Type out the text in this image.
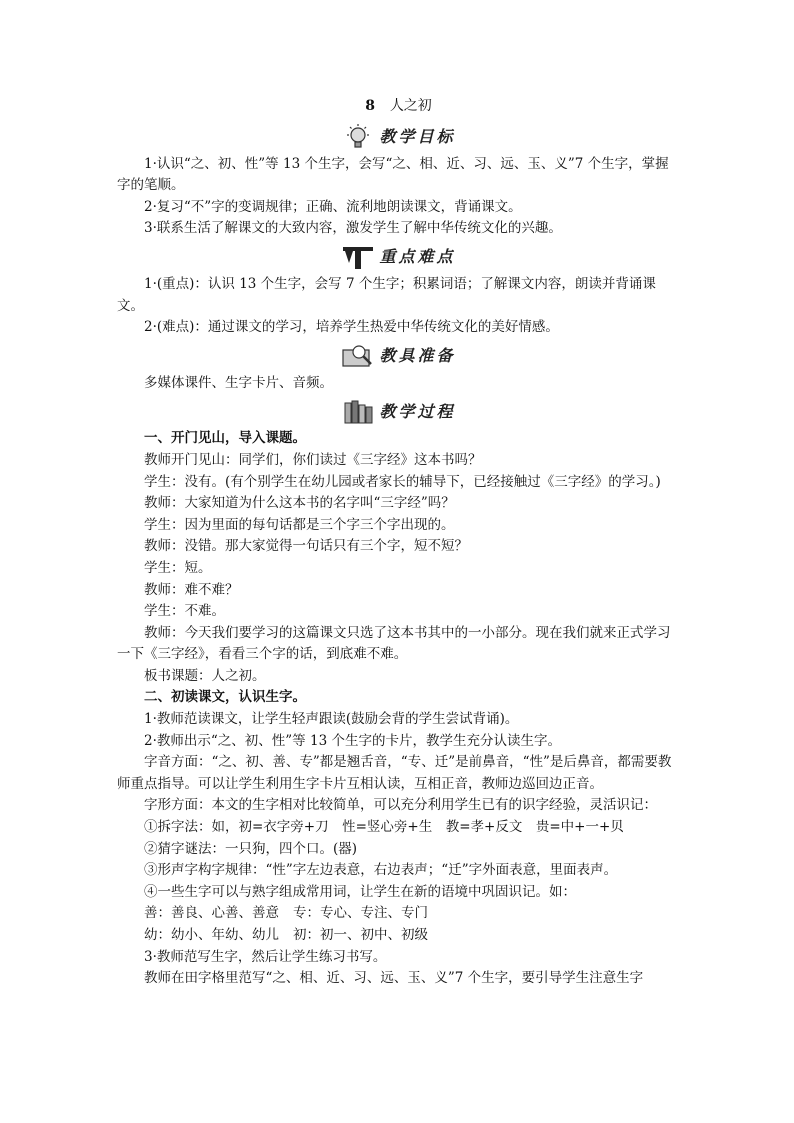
8 人之初
教学目标

1·认识“之、初、性”等 13 个生字，会写“之、相、近、习、远、玉、义”7 个生字，掌握字的笔顺。

2·复习“不”字的变调规律；正确、流利地朗读课文，背诵课文。

3·联系生活了解课文的大致内容，激发学生了解中华传统文化的兴趣。

重点难点

1·(重点)：认识 13 个生字，会写 7 个生字；积累词语；了解课文内容，朗读并背诵课文。

2·(难点)：通过课文的学习，培养学生热爱中华传统文化的美好情感。

教具准备

多媒体课件、生字卡片、音频。

教学过程

一、开门见山，导入课题。

教师开门见山：同学们，你们读过《三字经》这本书吗？

学生：没有。(有个别学生在幼儿园或者家长的辅导下，已经接触过《三字经》的学习。)

教师：大家知道为什么这本书的名字叫“三字经”吗？

学生：因为里面的每句话都是三个字三个字出现的。

教师：没错。那大家觉得一句话只有三个字，短不短？

学生：短。

教师：难不难？

学生：不难。

教师：今天我们要学习的这篇课文只选了这本书其中的一小部分。现在我们就来正式学习一下《三字经》，看看三个字的话，到底难不难。

板书课题：人之初。

二、初读课文，认识生字。

1·教师范读课文，让学生轻声跟读(鼓励会背的学生尝试背诵)。

2·教师出示“之、初、性”等 13 个生字的卡片，教学生充分认读生字。

字音方面：“之、初、善、专”都是翘舌音，“专、迁”是前鼻音，“性”是后鼻音，都需要教师重点指导。可以让学生利用生字卡片互相认读，互相正音，教师边巡回边正音。

字形方面：本文的生字相对比较简单，可以充分利用学生已有的识字经验，灵活识记：

①拆字法：如，初=衣字旁+刀　性=竖心旁+生　教=孝+反文　贵=中+一+贝

②猜字谜法：一只狗，四个口。(器)

③形声字构字规律：“性”字左边表意，右边表声；“迁”字外面表意，里面表声。

④一些生字可以与熟字组成常用词，让学生在新的语境中巩固识记。如：

善：善良、心善、善意 专：专心、专注、专门
幼：幼小、年幼、幼儿 初：初一、初中、初级

3·教师范写生字，然后让学生练习书写。

教师在田字格里范写“之、相、近、习、远、玉、义”7 个生字，要引导学生注意生字
